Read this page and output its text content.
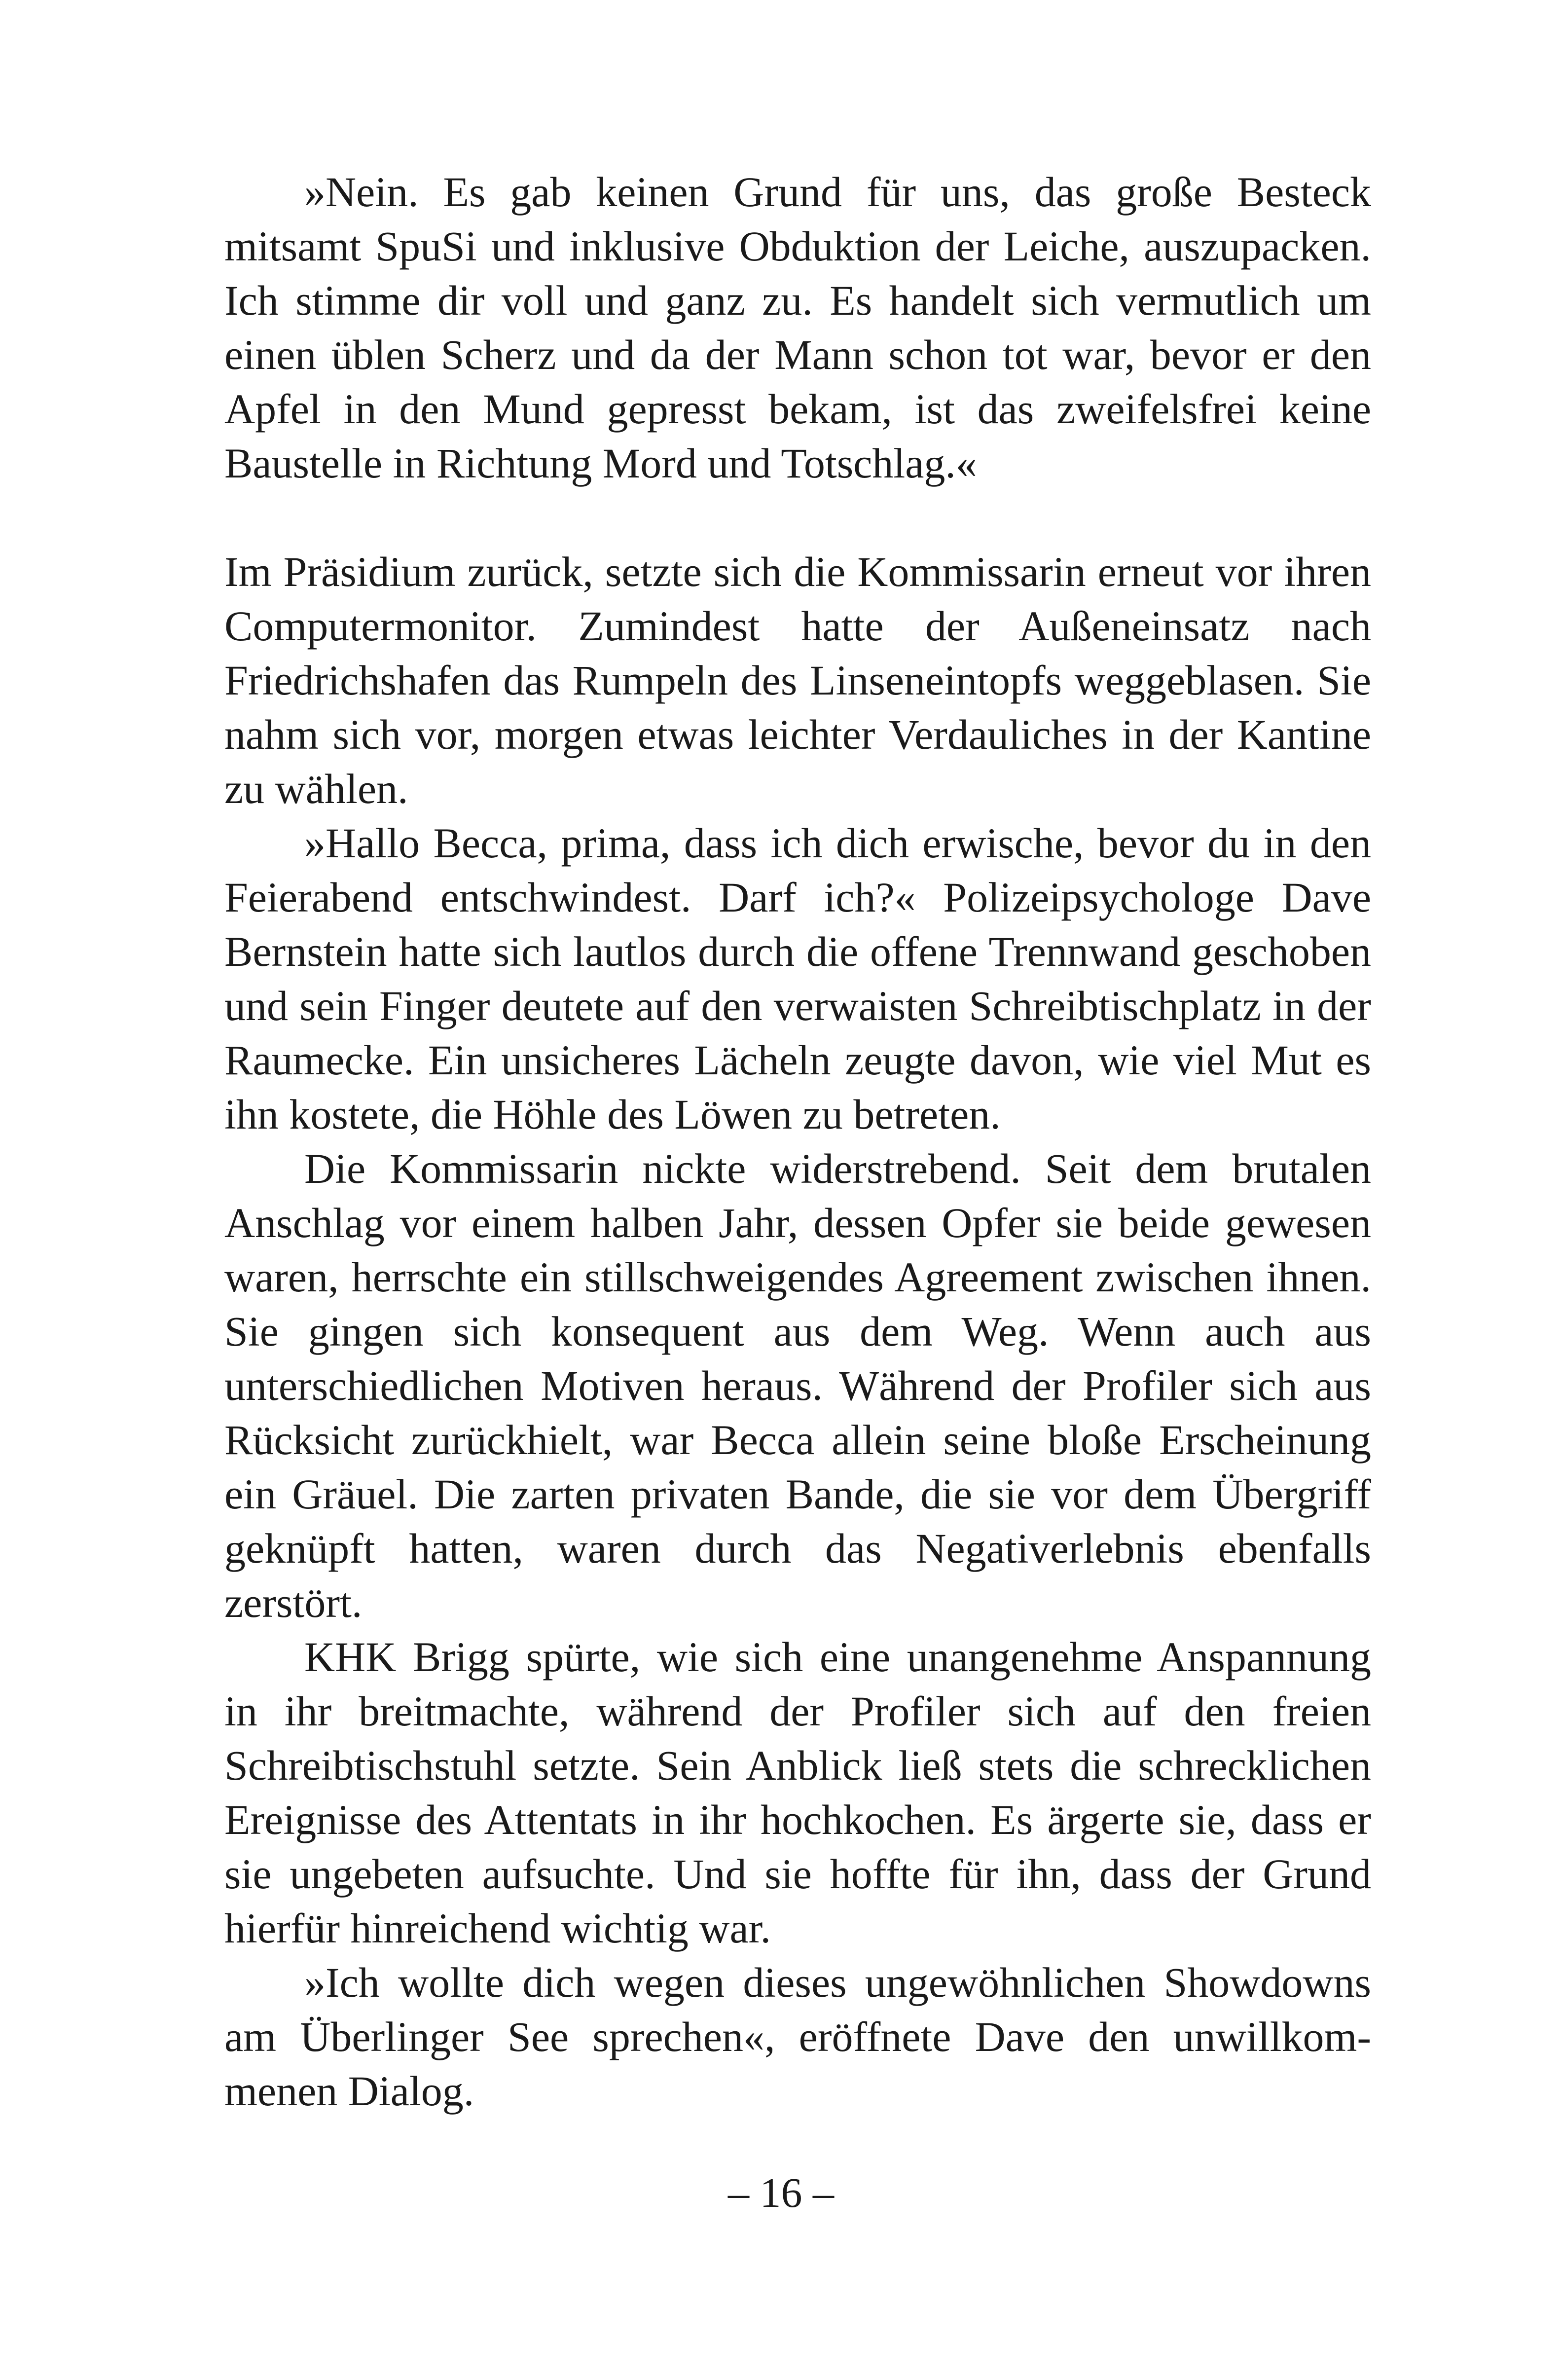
»Nein. Es gab keinen Grund für uns, das große Besteck mitsamt SpuSi und inklusive Obduktion der Leiche, auszupacken. Ich stimme dir voll und ganz zu. Es handelt sich vermutlich um einen üblen Scherz und da der Mann schon tot war, bevor er den Apfel in den Mund gepresst bekam, ist das zweifelsfrei keine Baustelle in Richtung Mord und Totschlag.«

Im Präsidium zurück, setzte sich die Kommissarin erneut vor ihren Computermonitor. Zumindest hatte der Außeneinsatz nach Friedrichshafen das Rumpeln des Linseneintopfs weggeblasen. Sie nahm sich vor, morgen etwas leichter Verdauliches in der Kantine zu wählen.

»Hallo Becca, prima, dass ich dich erwische, bevor du in den Feierabend entschwindest. Darf ich?« Polizeipsychologe Dave Bernstein hatte sich lautlos durch die offene Trennwand geschoben und sein Finger deutete auf den verwaisten Schreibtischplatz in der Raumecke. Ein unsicheres Lächeln zeugte davon, wie viel Mut es ihn kostete, die Höhle des Löwen zu betreten.

Die Kommissarin nickte widerstrebend. Seit dem brutalen Anschlag vor einem halben Jahr, dessen Opfer sie beide gewesen waren, herrschte ein stillschweigendes Agreement zwischen ihnen. Sie gingen sich konsequent aus dem Weg. Wenn auch aus unterschiedlichen Motiven heraus. Während der Profiler sich aus Rücksicht zurückhielt, war Becca allein seine bloße Erscheinung ein Gräuel. Die zarten privaten Bande, die sie vor dem Übergriff geknüpft hatten, waren durch das Negativerlebnis ebenfalls zerstört.

KHK Brigg spürte, wie sich eine unangenehme Anspannung in ihr breitmachte, während der Profiler sich auf den freien Schreibtischstuhl setzte. Sein Anblick ließ stets die schrecklichen Ereignisse des Attentats in ihr hochkochen. Es ärgerte sie, dass er sie ungebeten aufsuchte. Und sie hoffte für ihn, dass der Grund hierfür hinreichend wichtig war.

»Ich wollte dich wegen dieses ungewöhnlichen Showdowns am Überlinger See sprechen«, eröffnete Dave den unwillkommenen Dialog.

– 16 –
